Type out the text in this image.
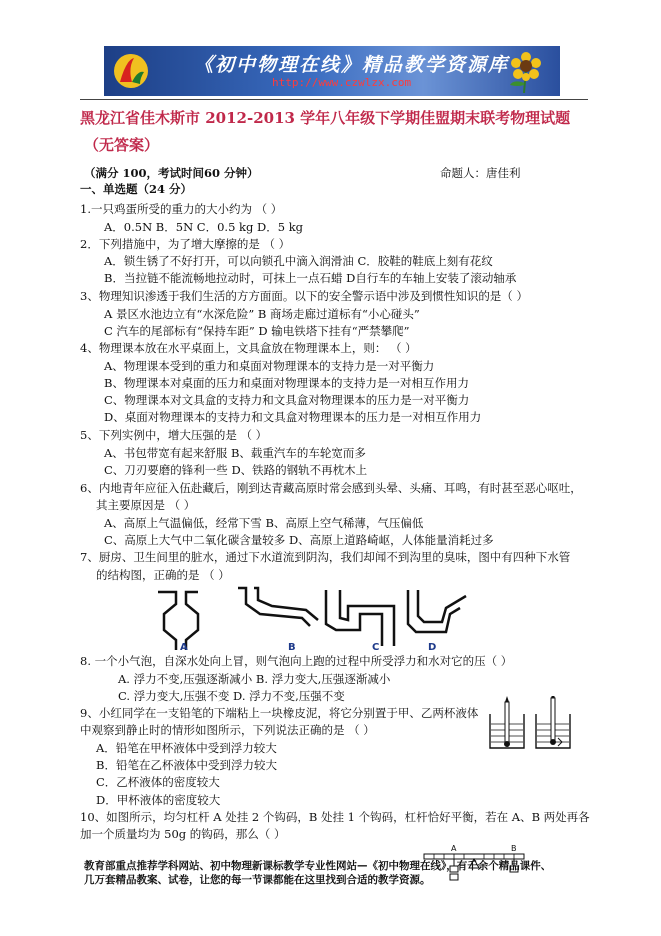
《初中物理在线》精品教学资源库
http://www.czwlzx.com
黑龙江省佳木斯市 2012-2013 学年八年级下学期佳盟期末联考物理试题
（无答案）
（满分 100，考试时间60 分钟）	命题人：唐佳利
一、单选题（24 分）
1.一只鸡蛋所受的重力的大小约为 （ ）
A．0.5N B．5N C．0.5 kg D．5 kg
2．下列措施中，为了增大摩擦的是 （ ）
A．锁生锈了不好打开，可以向锁孔中滴入润滑油 C．胶鞋的鞋底上刻有花纹
B．当拉链不能流畅地拉动时，可抹上一点石蜡 D自行车的车轴上安装了滚动轴承
3、物理知识渗透于我们生活的方方面面。以下的安全警示语中涉及到惯性知识的是（ ）
A 景区水池边立有“水深危险” B 商场走廊过道标有“小心碰头”
C 汽车的尾部标有“保持车距” D 输电铁塔下挂有“严禁攀爬”
4、物理课本放在水平桌面上，文具盒放在物理课本上，则： （ ）
A、物理课本受到的重力和桌面对物理课本的支持力是一对平衡力
B、物理课本对桌面的压力和桌面对物理课本的支持力是一对相互作用力
C、物理课本对文具盒的支持力和文具盒对物理课本的压力是一对平衡力
D、桌面对物理课本的支持力和文具盒对物理课本的压力是一对相互作用力
5、下列实例中，增大压强的是 （ ）
A、书包带宽有起来舒服 B、载重汽车的车轮宽而多
C、刀刃要磨的锋利一些 D、铁路的钢轨不再枕木上
6、内地青年应征入伍赴藏后，刚到达青藏高原时常会感到头晕、头痛、耳鸣，有时甚至恶心呕吐，
其主要原因是 （ ）
A、高原上气温偏低，经常下雪 B、高原上空气稀薄，气压偏低
C、高原上大气中二氧化碳含量较多 D、高原上道路崎岖，人体能量消耗过多
7、厨房、卫生间里的脏水，通过下水道流到阴沟，我们却闻不到沟里的臭味，图中有四种下水管
的结构图，正确的是 （ ）
A	B	C	D
8. 一个小气泡，自深水处向上冒，则气泡向上跑的过程中所受浮力和水对它的压（ ）
A. 浮力不变,压强逐渐减小 B. 浮力变大,压强逐渐减小
C. 浮力变大,压强不变 D. 浮力不变,压强不变
9、小红同学在一支铅笔的下端粘上一块橡皮泥，将它分别置于甲、乙两杯液体
中观察到静止时的情形如图所示，下列说法正确的是 （ ）
A．铅笔在甲杯液体中受到浮力较大
B．铅笔在乙杯液体中受到浮力较大
C．乙杯液体的密度较大
D．甲杯液体的密度较大
10、如图所示，均匀杠杆 A 处挂 2 个钩码，B 处挂 1 个钩码，杠杆恰好平衡，若在 A、B 两处再各
加一个质量均为 50g 的钩码，那么（ ）
A	B
教育部重点推荐学科网站、初中物理新课标教学专业性网站—《初中物理在线》，有千余个精品课件、
几万套精品教案、试卷，让您的每一节课都能在这里找到合适的教学资源。
